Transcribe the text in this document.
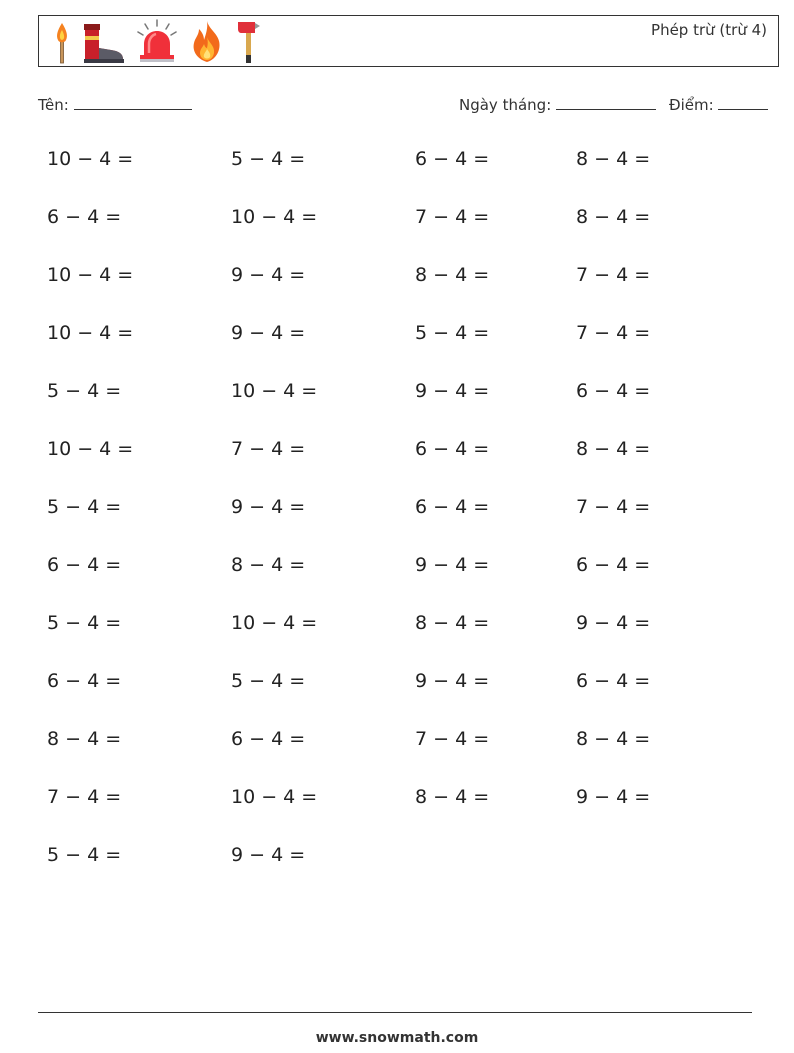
Phép trừ (trừ 4)
Tên:	Ngày tháng:	Điểm:
10 − 4 =	5 − 4 =	6 − 4 =	8 − 4 =
6 − 4 =	10 − 4 =	7 − 4 =	8 − 4 =
10 − 4 =	9 − 4 =	8 − 4 =	7 − 4 =
10 − 4 =	9 − 4 =	5 − 4 =	7 − 4 =
5 − 4 =	10 − 4 =	9 − 4 =	6 − 4 =
10 − 4 =	7 − 4 =	6 − 4 =	8 − 4 =
5 − 4 =	9 − 4 =	6 − 4 =	7 − 4 =
6 − 4 =	8 − 4 =	9 − 4 =	6 − 4 =
5 − 4 =	10 − 4 =	8 − 4 =	9 − 4 =
6 − 4 =	5 − 4 =	9 − 4 =	6 − 4 =
8 − 4 =	6 − 4 =	7 − 4 =	8 − 4 =
7 − 4 =	10 − 4 =	8 − 4 =	9 − 4 =
5 − 4 =	9 − 4 =
www.snowmath.com
